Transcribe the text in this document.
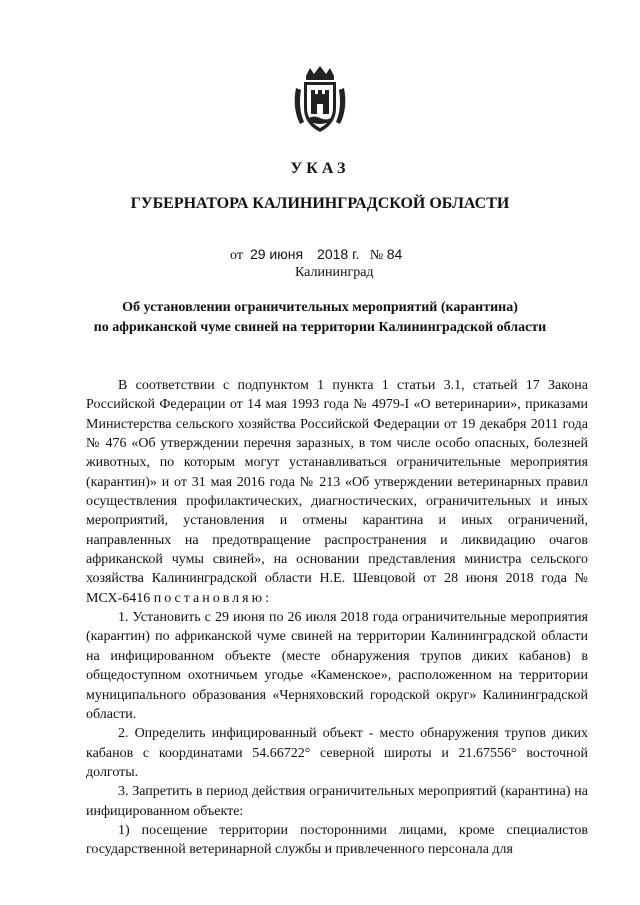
УКАЗ
ГУБЕРНАТОРА КАЛИНИНГРАДСКОЙ ОБЛАСТИ
от 29 июня 2018 г. № 84
Калининград
Об установлении ограничительных мероприятий (карантина)
по африканской чуме свиней на территории Калининградской области

В соответствии с подпунктом 1 пункта 1 статьи 3.1, статьей 17 Закона Российской Федерации от 14 мая 1993 года № 4979-I «О ветеринарии», приказами Министерства сельского хозяйства Российской Федерации от 19 декабря 2011 года № 476 «Об утверждении перечня заразных, в том числе особо опасных, болезней животных, по которым могут устанавливаться ограничительные мероприятия (карантин)» и от 31 мая 2016 года № 213 «Об утверждении ветеринарных правил осуществления профилактических, диагностических, ограничительных и иных мероприятий, установления и отмены карантина и иных ограничений, направленных на предотвращение распространения и ликвидацию очагов африканской чумы свиней», на основании представления министра сельского хозяйства Калининградской области Н.Е. Шевцовой от 28 июня 2018 года № МСХ-6416 постановляю:

1. Установить с 29 июня по 26 июля 2018 года ограничительные мероприятия (карантин) по африканской чуме свиней на территории Калининградской области на инфицированном объекте (месте обнаружения трупов диких кабанов) в общедоступном охотничьем угодье «Каменское», расположенном на территории муниципального образования «Черняховский городской округ» Калининградской области.

2. Определить инфицированный объект - место обнаружения трупов диких кабанов с координатами 54.66722° северной широты и 21.67556° восточной долготы.

3. Запретить в период действия ограничительных мероприятий (карантина) на инфицированном объекте:

1) посещение территории посторонними лицами, кроме специалистов государственной ветеринарной службы и привлеченного персонала для
